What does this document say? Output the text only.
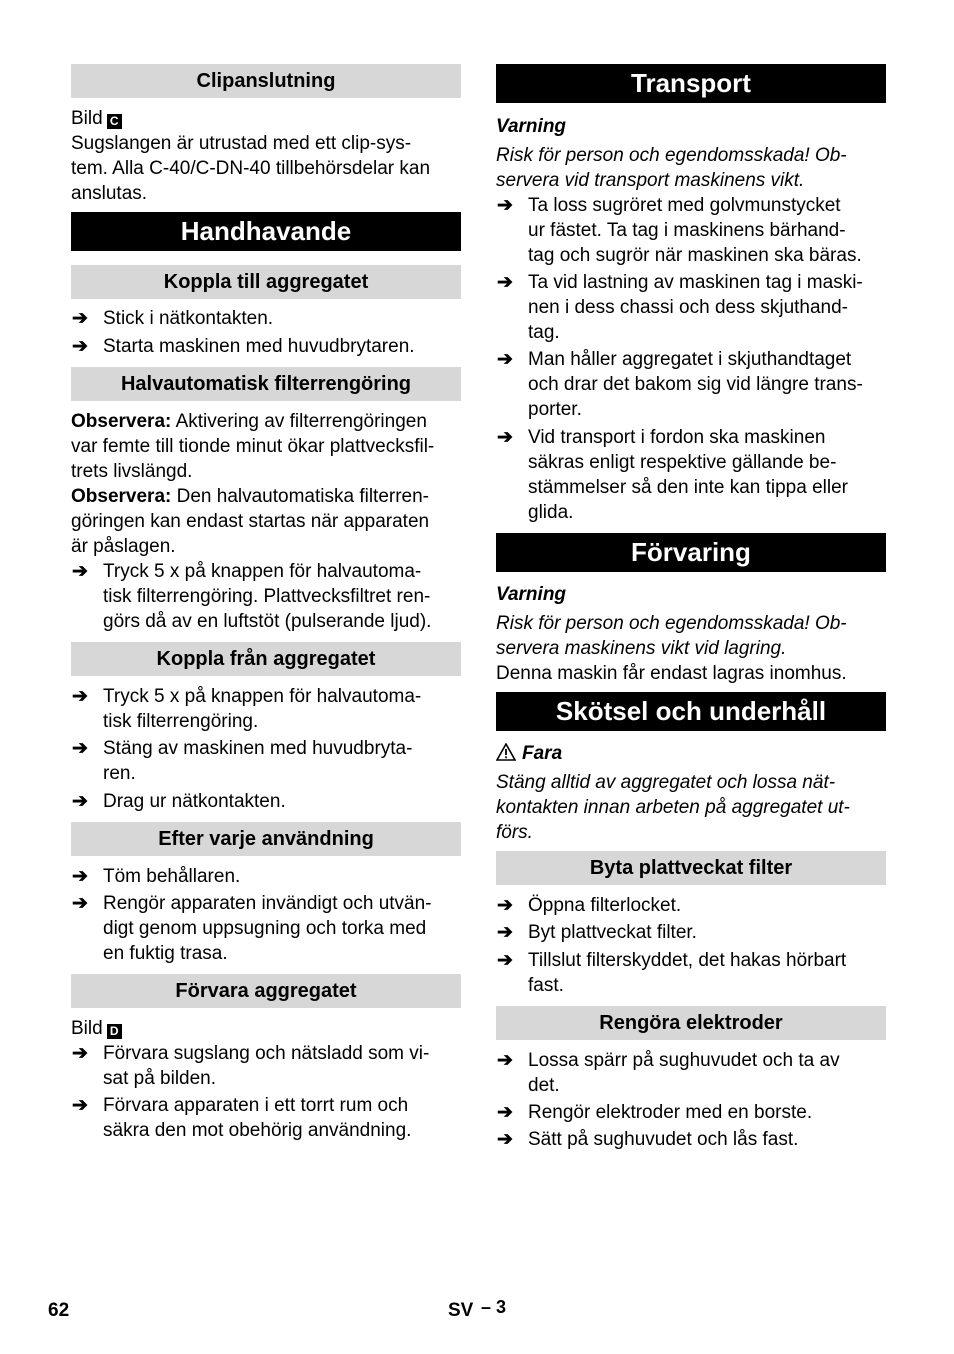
Clipanslutning
Bild C
Sugslangen är utrustad med ett clip-sys-
tem. Alla C-40/C-DN-40 tillbehörsdelar kan
anslutas.
Handhavande
Koppla till aggregatet
➔ Stick i nätkontakten.
➔ Starta maskinen med huvudbrytaren.
Halvautomatisk filterrengöring
Observera: Aktivering av filterrengöringen
var femte till tionde minut ökar plattvecksfil-
trets livslängd.
Observera: Den halvautomatiska filterren-
göringen kan endast startas när apparaten
är påslagen.
➔ Tryck 5 x på knappen för halvautoma-
tisk filterrengöring. Plattvecksfiltret ren-
görs då av en luftstöt (pulserande ljud).
Koppla från aggregatet
➔ Tryck 5 x på knappen för halvautoma-
tisk filterrengöring.
➔ Stäng av maskinen med huvudbryta-
ren.
➔ Drag ur nätkontakten.
Efter varje användning
➔ Töm behållaren.
➔ Rengör apparaten invändigt och utvän-
digt genom uppsugning och torka med
en fuktig trasa.
Förvara aggregatet
Bild D
➔ Förvara sugslang och nätsladd som vi-
sat på bilden.
➔ Förvara apparaten i ett torrt rum och
säkra den mot obehörig användning.
Transport
Varning
Risk för person och egendomsskada! Ob-
servera vid transport maskinens vikt.
➔ Ta loss sugröret med golvmunstycket
ur fästet. Ta tag i maskinens bärhand-
tag och sugrör när maskinen ska bäras.
➔ Ta vid lastning av maskinen tag i maski-
nen i dess chassi och dess skjuthand-
tag.
➔ Man håller aggregatet i skjuthandtaget
och drar det bakom sig vid längre trans-
porter.
➔ Vid transport i fordon ska maskinen
säkras enligt respektive gällande be-
stämmelser så den inte kan tippa eller
glida.
Förvaring
Varning
Risk för person och egendomsskada! Ob-
servera maskinens vikt vid lagring.
Denna maskin får endast lagras inomhus.
Skötsel och underhåll
Fara
Stäng alltid av aggregatet och lossa nät-
kontakten innan arbeten på aggregatet ut-
förs.
Byta plattveckat filter
➔ Öppna filterlocket.
➔ Byt plattveckat filter.
➔ Tillslut filterskyddet, det hakas hörbart
fast.
Rengöra elektroder
➔ Lossa spärr på sughuvudet och ta av
det.
➔ Rengör elektroder med en borste.
➔ Sätt på sughuvudet och lås fast.
62	SV – 3
